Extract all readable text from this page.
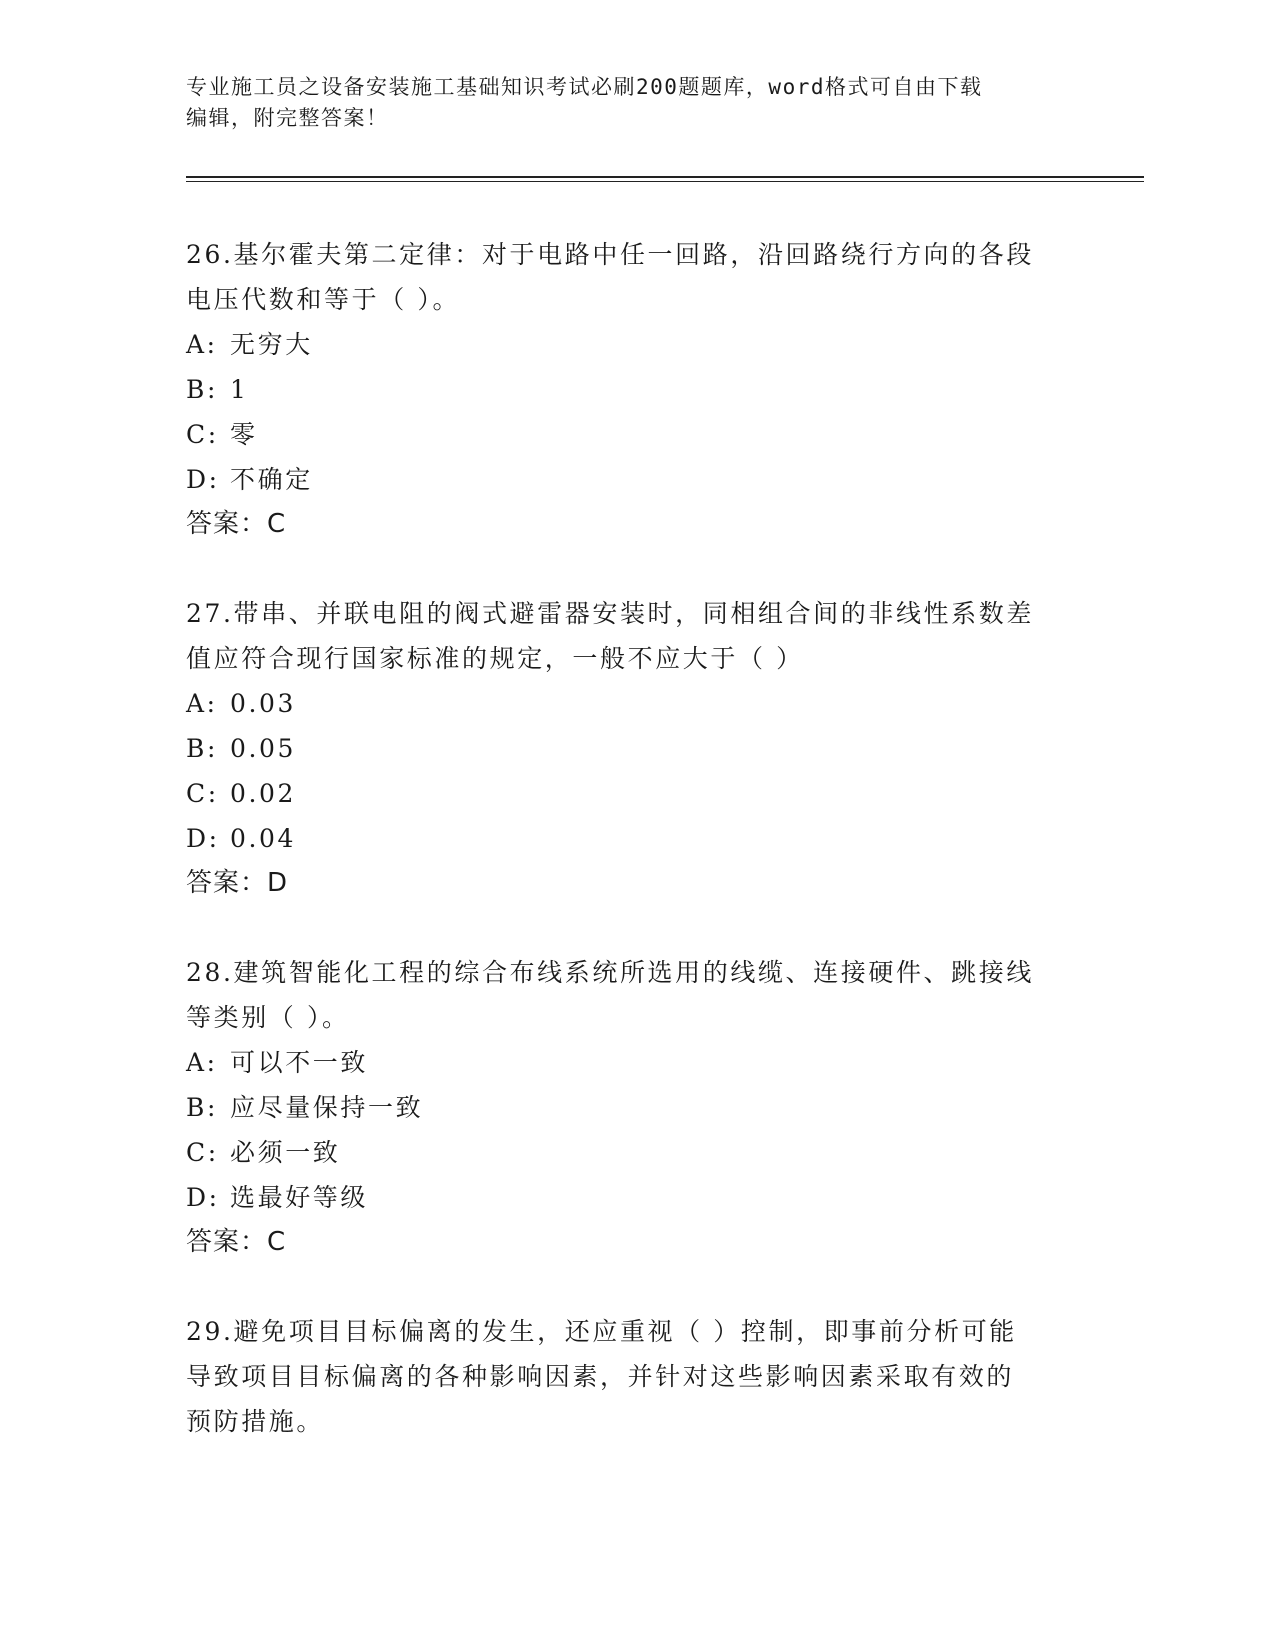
专业施工员之设备安装施工基础知识考试必刷200题题库，word格式可自由下载
编辑，附完整答案！

26.基尔霍夫第二定律：对于电路中任一回路，沿回路绕行方向的各段

电压代数和等于（ ）。

A: 无穷大

B: 1

C: 零

D: 不确定

答案：C

27.带串、并联电阻的阀式避雷器安装时，同相组合间的非线性系数差

值应符合现行国家标准的规定，一般不应大于（ ）

A: 0.03

B: 0.05

C: 0.02

D: 0.04

答案：D

28.建筑智能化工程的综合布线系统所选用的线缆、连接硬件、跳接线

等类别（ ）。

A: 可以不一致

B: 应尽量保持一致

C: 必须一致

D: 选最好等级

答案：C

29.避免项目目标偏离的发生，还应重视（ ）控制，即事前分析可能

导致项目目标偏离的各种影响因素，并针对这些影响因素采取有效的

预防措施。
